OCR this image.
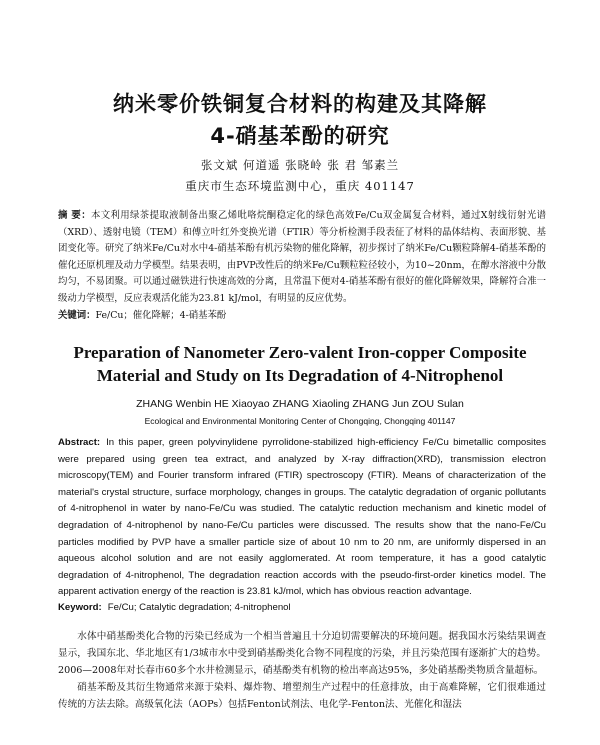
纳米零价铁铜复合材料的构建及其降解
4-硝基苯酚的研究
张文斌 何道遥 张晓岭 张 君 邹素兰
重庆市生态环境监测中心，重庆 401147
摘 要：本文利用绿茶提取液制备出聚乙烯吡咯烷酮稳定化的绿色高效Fe/Cu双金属复合材料，通过X射线衍射光谱（XRD）、透射电镜（TEM）和傅立叶红外变换光谱（FTIR）等分析检测手段表征了材料的晶体结构、表面形貌、基团变化等。研究了纳米Fe/Cu对水中4-硝基苯酚有机污染物的催化降解，初步探讨了纳米Fe/Cu颗粒降解4-硝基苯酚的催化还原机理及动力学模型。结果表明，由PVP改性后的纳米Fe/Cu颗粒粒径较小，为10~20nm，在醇水溶液中分散均匀，不易团聚。可以通过磁铁进行快速高效的分离，且常温下便对4-硝基苯酚有很好的催化降解效果，降解符合准一级动力学模型，反应表观活化能为23.81 kJ/mol，有明显的反应优势。
关键词：Fe/Cu；催化降解；4-硝基苯酚
Preparation of Nanometer Zero-valent Iron-copper Composite
Material and Study on Its Degradation of 4-Nitrophenol
ZHANG Wenbin HE Xiaoyao ZHANG Xiaoling ZHANG Jun ZOU Sulan
Ecological and Environmental Monitoring Center of Chongqing, Chongqing 401147
Abstract: In this paper, green polyvinylidene pyrrolidone-stabilized high-efficiency Fe/Cu bimetallic composites were prepared using green tea extract, and analyzed by X-ray diffraction(XRD), transmission electron microscopy(TEM) and Fourier transform infrared (FTIR) spectroscopy (FTIR). Means of characterization of the material's crystal structure, surface morphology, changes in groups. The catalytic degradation of organic pollutants of 4-nitrophenol in water by nano-Fe/Cu was studied. The catalytic reduction mechanism and kinetic model of degradation of 4-nitrophenol by nano-Fe/Cu particles were discussed. The results show that the nano-Fe/Cu particles modified by PVP have a smaller particle size of about 10 nm to 20 nm, are uniformly dispersed in an aqueous alcohol solution and are not easily agglomerated. At room temperature, it has a good catalytic degradation of 4-nitrophenol, The degradation reaction accords with the pseudo-first-order kinetics model. The apparent activation energy of the reaction is 23.81 kJ/mol, which has obvious reaction advantage.
Keyword: Fe/Cu; Catalytic degradation; 4-nitrophenol

水体中硝基酚类化合物的污染已经成为一个相当普遍且十分迫切需要解决的环境问题。据我国水污染结果调查显示，我国东北、华北地区有1/3城市水中受到硝基酚类化合物不同程度的污染，并且污染范围有逐渐扩大的趋势。2006—2008年对长春市60多个水井检测显示，硝基酚类有机物的检出率高达95%，多处硝基酚类物质含量超标。

硝基苯酚及其衍生物通常来源于染料、爆炸物、增塑剂生产过程中的任意排放，由于高难降解，它们很难通过传统的方法去除。高级氧化法（AOPs）包括Fenton试剂法、电化学-Fenton法、光催化和湿法
